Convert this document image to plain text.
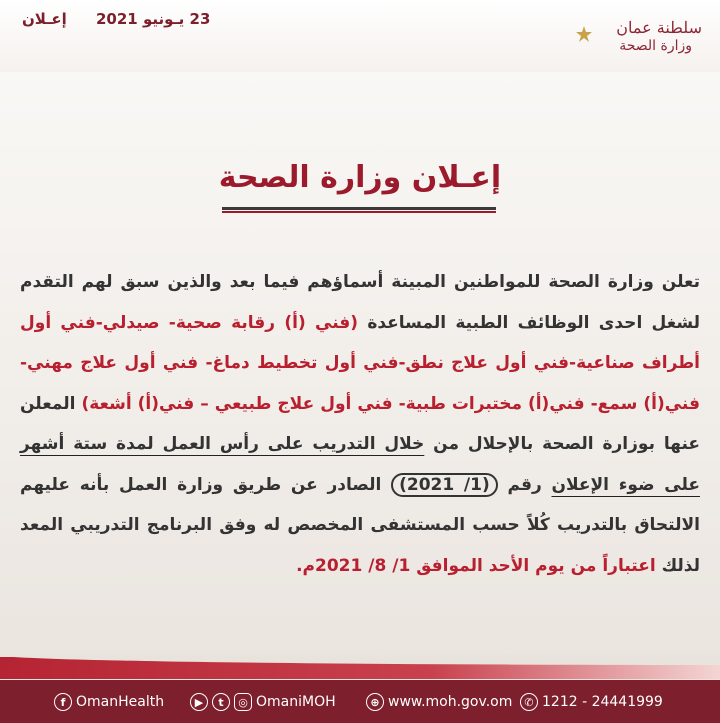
إعـلان 23 يـونيو 2021	سلطنة عمان
وزارة الصحة
إعـلان وزارة الصحة
تعلن وزارة الصحة للمواطنين المبينة أسماؤهم فيما بعد والذين سبق لهم التقدم لشغل احدى الوظائف الطبية المساعدة (فني (أ) رقابة صحية- صيدلي-فني أول أطراف صناعية-فني أول علاج نطق-فني أول تخطيط دماغ- فني أول علاج مهني- فني(أ) سمع- فني(أ) مختبرات طبية- فني أول علاج طبيعي – فني(أ) أشعة) المعلن عنها بوزارة الصحة بالإحلال من خلال التدريب على رأس العمل لمدة ستة أشهر على ضوء الإعلان رقم (1/ 2021) الصادر عن طريق وزارة العمل بأنه عليهم الالتحاق بالتدريب كُلاً حسب المستشفى المخصص له وفق البرنامج التدريبي المعد لذلك اعتباراً من يوم الأحد الموافق 1/ 8/ 2021م.
f OmanHealth	▶	t	◎ OmaniMOH	⊕ www.moh.gov.om	✆ 1212 - 24441999
